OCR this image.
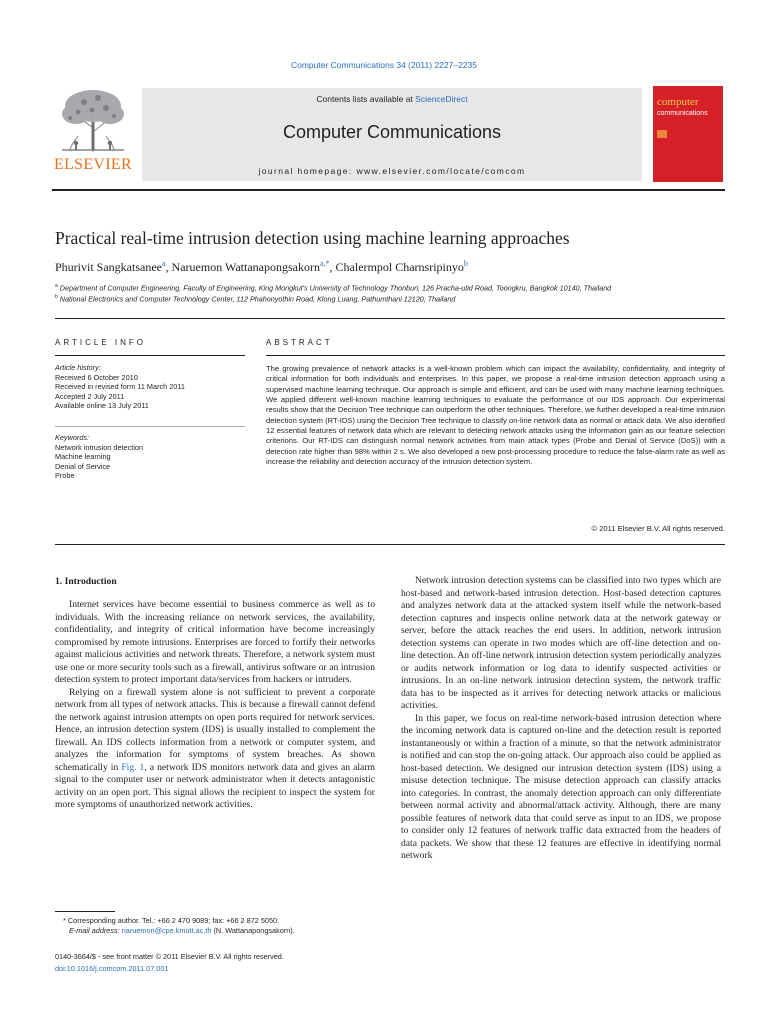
Computer Communications 34 (2011) 2227–2235
ELSEVIER
Contents lists available at ScienceDirect
Computer Communications
journal homepage: www.elsevier.com/locate/comcom
computer
communications
Practical real-time intrusion detection using machine learning approaches
Phurivit Sangkatsanee$^a$, Naruemon Wattanapongsakorn$^{a,*}$, Chalermpol Charnsripinyo$^b$
$^a$ Department of Computer Engineering, Faculty of Engineering, King Mongkut's University of Technology Thonburi, 126 Pracha-utid Road, Toongkru, Bangkok 10140, Thailand
$^b$ National Electronics and Computer Technology Center, 112 Phahonyothin Road, Klong Luang, Pathumthani 12120, Thailand
ARTICLE INFO
Article history:
Received 6 October 2010
Received in revised form 11 March 2011
Accepted 2 July 2011
Available online 13 July 2011
Keywords:
Network intrusion detection
Machine learning
Denial of Service
Probe
ABSTRACT
The growing prevalence of network attacks is a well-known problem which can impact the availability, confidentiality, and integrity of critical information for both individuals and enterprises. In this paper, we propose a real-time intrusion detection approach using a supervised machine learning technique. Our approach is simple and efficient, and can be used with many machine learning techniques. We applied different well-known machine learning techniques to evaluate the performance of our IDS approach. Our experimental results show that the Decision Tree technique can outperform the other techniques. Therefore, we further developed a real-time intrusion detection system (RT-IDS) using the Decision Tree technique to classify on-line network data as normal or attack data. We also identified 12 essential features of network data which are relevant to detecting network attacks using the information gain as our feature selection criterions. Our RT-IDS can distinguish normal network activities from main attack types (Probe and Denial of Service (DoS)) with a detection rate higher than 98% within 2 s. We also developed a new post-processing procedure to reduce the false-alarm rate as well as increase the reliability and detection accuracy of the intrusion detection system.
© 2011 Elsevier B.V. All rights reserved.
1. Introduction

Internet services have become essential to business commerce as well as to individuals. With the increasing reliance on network services, the availability, confidentiality, and integrity of critical information have become increasingly compromised by remote intrusions. Enterprises are forced to fortify their networks against malicious activities and network threats. Therefore, a network system must use one or more security tools such as a firewall, antivirus software or an intrusion detection system to protect important data/services from hackers or intruders.

Relying on a firewall system alone is not sufficient to prevent a corporate network from all types of network attacks. This is because a firewall cannot defend the network against intrusion attempts on open ports required for network services. Hence, an intrusion detection system (IDS) is usually installed to complement the firewall. An IDS collects information from a network or computer system, and analyzes the information for symptoms of system breaches. As shown schematically in Fig. 1, a network IDS monitors network data and gives an alarm signal to the computer user or network administrator when it detects antagonistic activity on an open port. This signal allows the recipient to inspect the system for more symptoms of unauthorized network activities.

Network intrusion detection systems can be classified into two types which are host-based and network-based intrusion detection. Host-based detection captures and analyzes network data at the attacked system itself while the network-based detection captures and inspects online network data at the network gateway or server, before the attack reaches the end users. In addition, network intrusion detection systems can operate in two modes which are off-line detection and on-line detection. An off-line network intrusion detection system periodically analyzes or audits network information or log data to identify suspected activities or intrusions. In an on-line network intrusion detection system, the network traffic data has to be inspected as it arrives for detecting network attacks or malicious activities.

In this paper, we focus on real-time network-based intrusion detection where the incoming network data is captured on-line and the detection result is reported instantaneously or within a fraction of a minute, so that the network administrator is notified and can stop the on-going attack. Our approach also could be applied as host-based detection. We designed our intrusion detection system (IDS) using a misuse detection technique. The misuse detection approach can classify attacks into categories. In contrast, the anomaly detection approach can only differentiate between normal activity and abnormal/attack activity. Although, there are many possible features of network data that could serve as input to an IDS, we propose to consider only 12 features of network traffic data extracted from the headers of data packets. We show that these 12 features are effective in identifying normal network

* Corresponding author. Tel.: +66 2 470 9089; fax: +66 2 872 5050.
E-mail address: naruemon@cpe.kmutt.ac.th (N. Wattanapongsakorn).
0140-3664/$ - see front matter © 2011 Elsevier B.V. All rights reserved.
doi:10.1016/j.comcom.2011.07.001
